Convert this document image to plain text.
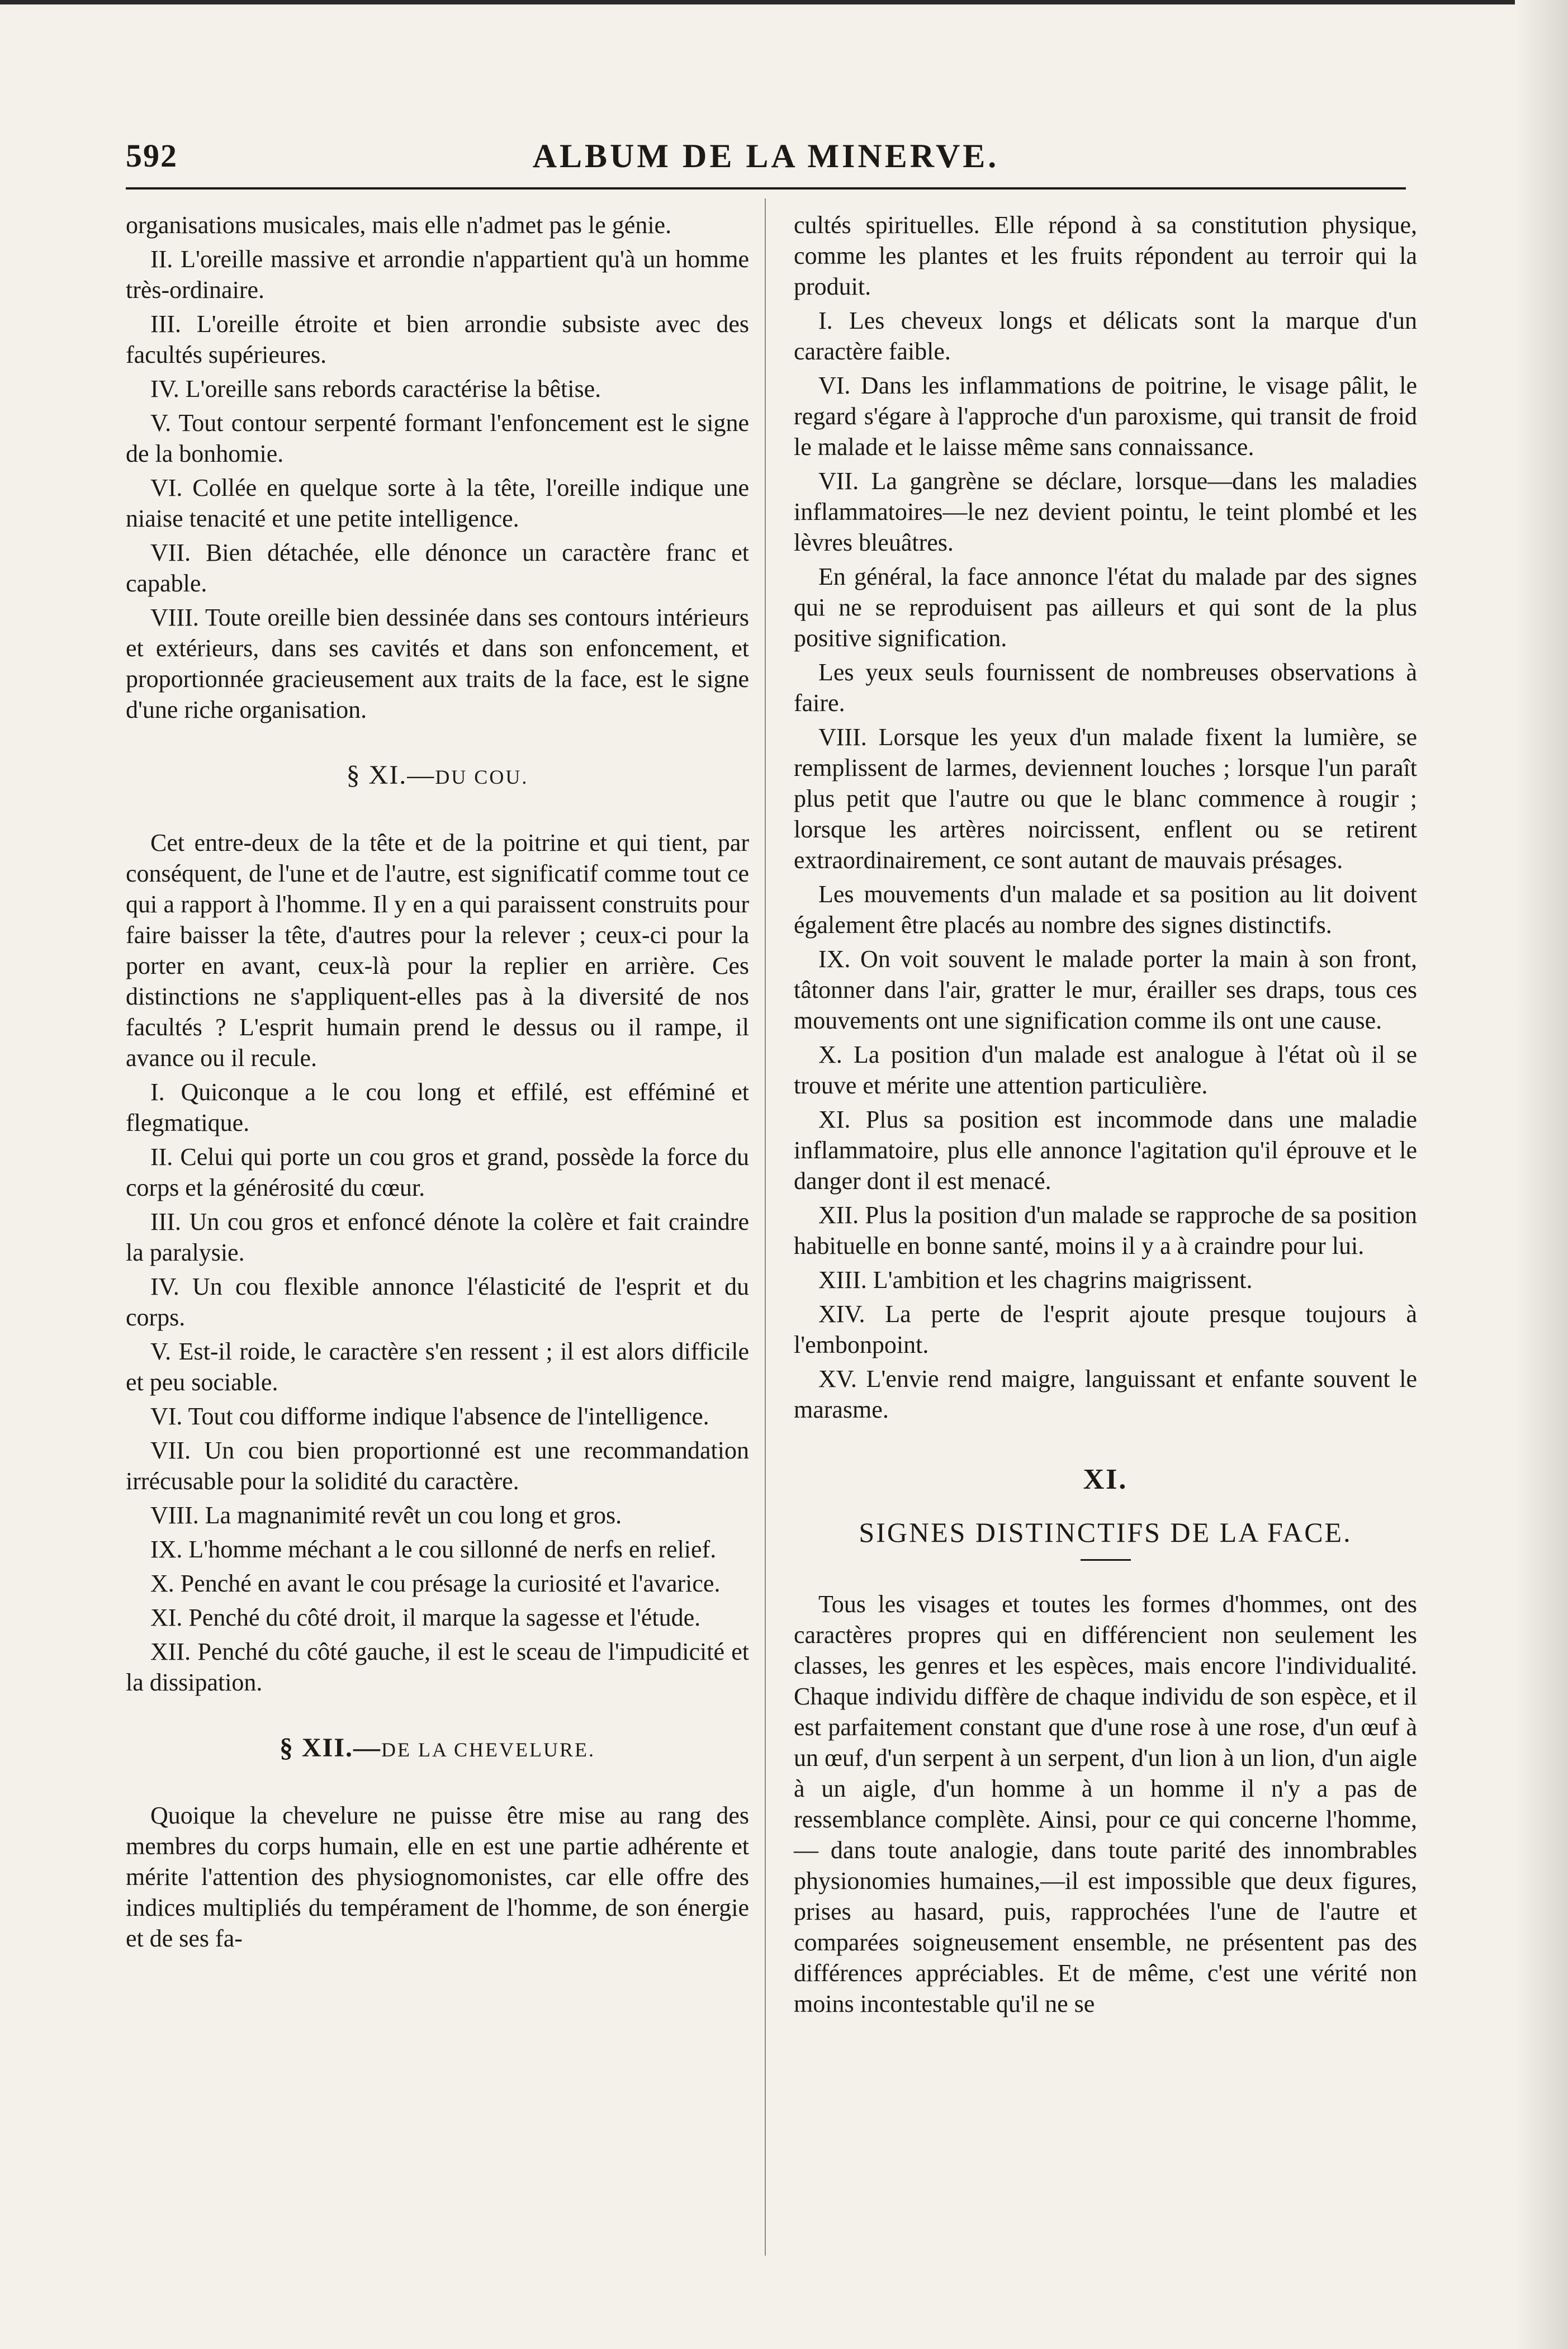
592	ALBUM DE LA MINERVE.

organisations musicales, mais elle n'admet pas le génie.

II. L'oreille massive et arrondie n'appartient qu'à un homme très-ordinaire.

III. L'oreille étroite et bien arrondie subsiste avec des facultés supérieures.

IV. L'oreille sans rebords caractérise la bêtise.

V. Tout contour serpenté formant l'enfoncement est le signe de la bonhomie.

VI. Collée en quelque sorte à la tête, l'oreille indique une niaise tenacité et une petite intelligence.

VII. Bien détachée, elle dénonce un caractère franc et capable.

VIII. Toute oreille bien dessinée dans ses contours intérieurs et extérieurs, dans ses cavités et dans son enfoncement, et proportionnée gracieusement aux traits de la face, est le signe d'une riche organisation.

§ XI.—DU COU.

Cet entre-deux de la tête et de la poitrine et qui tient, par conséquent, de l'une et de l'autre, est significatif comme tout ce qui a rapport à l'homme. Il y en a qui paraissent construits pour faire baisser la tête, d'autres pour la relever ; ceux-ci pour la porter en avant, ceux-là pour la replier en arrière. Ces distinctions ne s'appliquent-elles pas à la diversité de nos facultés ? L'esprit humain prend le dessus ou il rampe, il avance ou il recule.

I. Quiconque a le cou long et effilé, est efféminé et flegmatique.

II. Celui qui porte un cou gros et grand, possède la force du corps et la générosité du cœur.

III. Un cou gros et enfoncé dénote la colère et fait craindre la paralysie.

IV. Un cou flexible annonce l'élasticité de l'esprit et du corps.

V. Est-il roide, le caractère s'en ressent ; il est alors difficile et peu sociable.

VI. Tout cou difforme indique l'absence de l'intelligence.

VII. Un cou bien proportionné est une recommandation irrécusable pour la solidité du caractère.

VIII. La magnanimité revêt un cou long et gros.

IX. L'homme méchant a le cou sillonné de nerfs en relief.

X. Penché en avant le cou présage la curiosité et l'avarice.

XI. Penché du côté droit, il marque la sagesse et l'étude.

XII. Penché du côté gauche, il est le sceau de l'impudicité et la dissipation.

§ XII.—DE LA CHEVELURE.

Quoique la chevelure ne puisse être mise au rang des membres du corps humain, elle en est une partie adhérente et mérite l'attention des physiognomonistes, car elle offre des indices multipliés du tempérament de l'homme, de son énergie et de ses fa-

cultés spirituelles. Elle répond à sa constitution physique, comme les plantes et les fruits répondent au terroir qui la produit.

I. Les cheveux longs et délicats sont la marque d'un caractère faible.

VI. Dans les inflammations de poitrine, le visage pâlit, le regard s'égare à l'approche d'un paroxisme, qui transit de froid le malade et le laisse même sans connaissance.

VII. La gangrène se déclare, lorsque—dans les maladies inflammatoires—le nez devient pointu, le teint plombé et les lèvres bleuâtres.

En général, la face annonce l'état du malade par des signes qui ne se reproduisent pas ailleurs et qui sont de la plus positive signification.

Les yeux seuls fournissent de nombreuses observations à faire.

VIII. Lorsque les yeux d'un malade fixent la lumière, se remplissent de larmes, deviennent louches ; lorsque l'un paraît plus petit que l'autre ou que le blanc commence à rougir ; lorsque les artères noircissent, enflent ou se retirent extraordinairement, ce sont autant de mauvais présages.

Les mouvements d'un malade et sa position au lit doivent également être placés au nombre des signes distinctifs.

IX. On voit souvent le malade porter la main à son front, tâtonner dans l'air, gratter le mur, érailler ses draps, tous ces mouvements ont une signification comme ils ont une cause.

X. La position d'un malade est analogue à l'état où il se trouve et mérite une attention particulière.

XI. Plus sa position est incommode dans une maladie inflammatoire, plus elle annonce l'agitation qu'il éprouve et le danger dont il est menacé.

XII. Plus la position d'un malade se rapproche de sa position habituelle en bonne santé, moins il y a à craindre pour lui.

XIII. L'ambition et les chagrins maigrissent.

XIV. La perte de l'esprit ajoute presque toujours à l'embonpoint.

XV. L'envie rend maigre, languissant et enfante souvent le marasme.

XI.
SIGNES DISTINCTIFS DE LA FACE.

Tous les visages et toutes les formes d'hommes, ont des caractères propres qui en différencient non seulement les classes, les genres et les espèces, mais encore l'individualité. Chaque individu diffère de chaque individu de son espèce, et il est parfaitement constant que d'une rose à une rose, d'un œuf à un œuf, d'un serpent à un serpent, d'un lion à un lion, d'un aigle à un aigle, d'un homme à un homme il n'y a pas de ressemblance complète. Ainsi, pour ce qui concerne l'homme, — dans toute analogie, dans toute parité des innombrables physionomies humaines,—il est impossible que deux figures, prises au hasard, puis, rapprochées l'une de l'autre et comparées soigneusement ensemble, ne présentent pas des différences appréciables. Et de même, c'est une vérité non moins incontestable qu'il ne se
